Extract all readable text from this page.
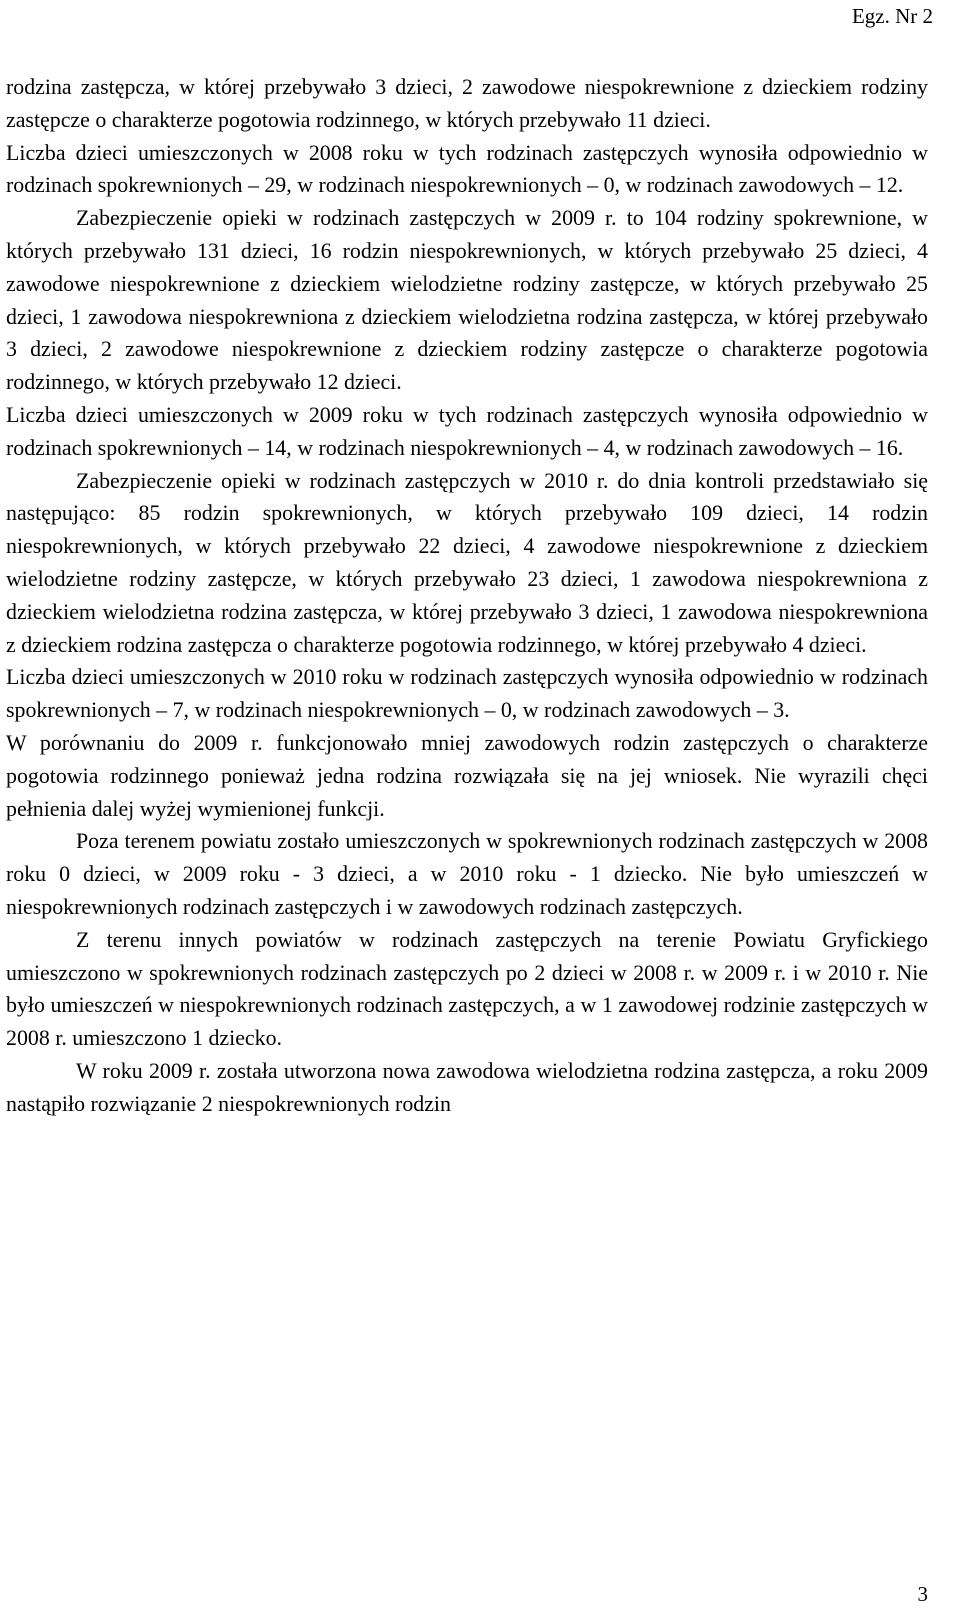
Egz. Nr 2

rodzina zastępcza, w której przebywało 3 dzieci, 2 zawodowe niespokrewnione z dzieckiem rodziny zastępcze o charakterze pogotowia rodzinnego, w których przebywało 11 dzieci.

Liczba dzieci umieszczonych w 2008 roku w tych rodzinach zastępczych wynosiła odpowiednio w rodzinach spokrewnionych – 29, w rodzinach niespokrewnionych – 0, w rodzinach zawodowych – 12.

Zabezpieczenie opieki w rodzinach zastępczych w 2009 r. to 104 rodziny spokrewnione, w których przebywało 131 dzieci, 16 rodzin niespokrewnionych, w których przebywało 25 dzieci, 4 zawodowe niespokrewnione z dzieckiem wielodzietne rodziny zastępcze, w których przebywało 25 dzieci, 1 zawodowa niespokrewniona z dzieckiem wielodzietna rodzina zastępcza, w której przebywało 3 dzieci, 2 zawodowe niespokrewnione z dzieckiem rodziny zastępcze o charakterze pogotowia rodzinnego, w których przebywało 12 dzieci.

Liczba dzieci umieszczonych w 2009 roku w tych rodzinach zastępczych wynosiła odpowiednio w rodzinach spokrewnionych – 14, w rodzinach niespokrewnionych – 4, w rodzinach zawodowych – 16.

Zabezpieczenie opieki w rodzinach zastępczych w 2010 r. do dnia kontroli przedstawiało się następująco: 85 rodzin spokrewnionych, w których przebywało 109 dzieci, 14 rodzin niespokrewnionych, w których przebywało 22 dzieci, 4 zawodowe niespokrewnione z dzieckiem wielodzietne rodziny zastępcze, w których przebywało 23 dzieci, 1 zawodowa niespokrewniona z dzieckiem wielodzietna rodzina zastępcza, w której przebywało 3 dzieci, 1 zawodowa niespokrewniona z dzieckiem rodzina zastępcza o charakterze pogotowia rodzinnego, w której przebywało 4 dzieci.

Liczba dzieci umieszczonych w 2010 roku w rodzinach zastępczych wynosiła odpowiednio w rodzinach spokrewnionych – 7, w rodzinach niespokrewnionych – 0, w rodzinach zawodowych – 3.

W porównaniu do 2009 r. funkcjonowało mniej zawodowych rodzin zastępczych o charakterze pogotowia rodzinnego ponieważ jedna rodzina rozwiązała się na jej wniosek. Nie wyrazili chęci pełnienia dalej wyżej wymienionej funkcji.

Poza terenem powiatu zostało umieszczonych w spokrewnionych rodzinach zastępczych w 2008 roku 0 dzieci, w 2009 roku - 3 dzieci, a w 2010 roku - 1 dziecko. Nie było umieszczeń w niespokrewnionych rodzinach zastępczych i w zawodowych rodzinach zastępczych.

Z terenu innych powiatów w rodzinach zastępczych na terenie Powiatu Gryfickiego umieszczono w spokrewnionych rodzinach zastępczych po 2 dzieci w 2008 r. w 2009 r. i w 2010 r. Nie było umieszczeń w niespokrewnionych rodzinach zastępczych, a w 1 zawodowej rodzinie zastępczych w 2008 r. umieszczono 1 dziecko.

W roku 2009 r. została utworzona nowa zawodowa wielodzietna rodzina zastępcza, a roku 2009 nastąpiło rozwiązanie 2 niespokrewnionych rodzin

3
